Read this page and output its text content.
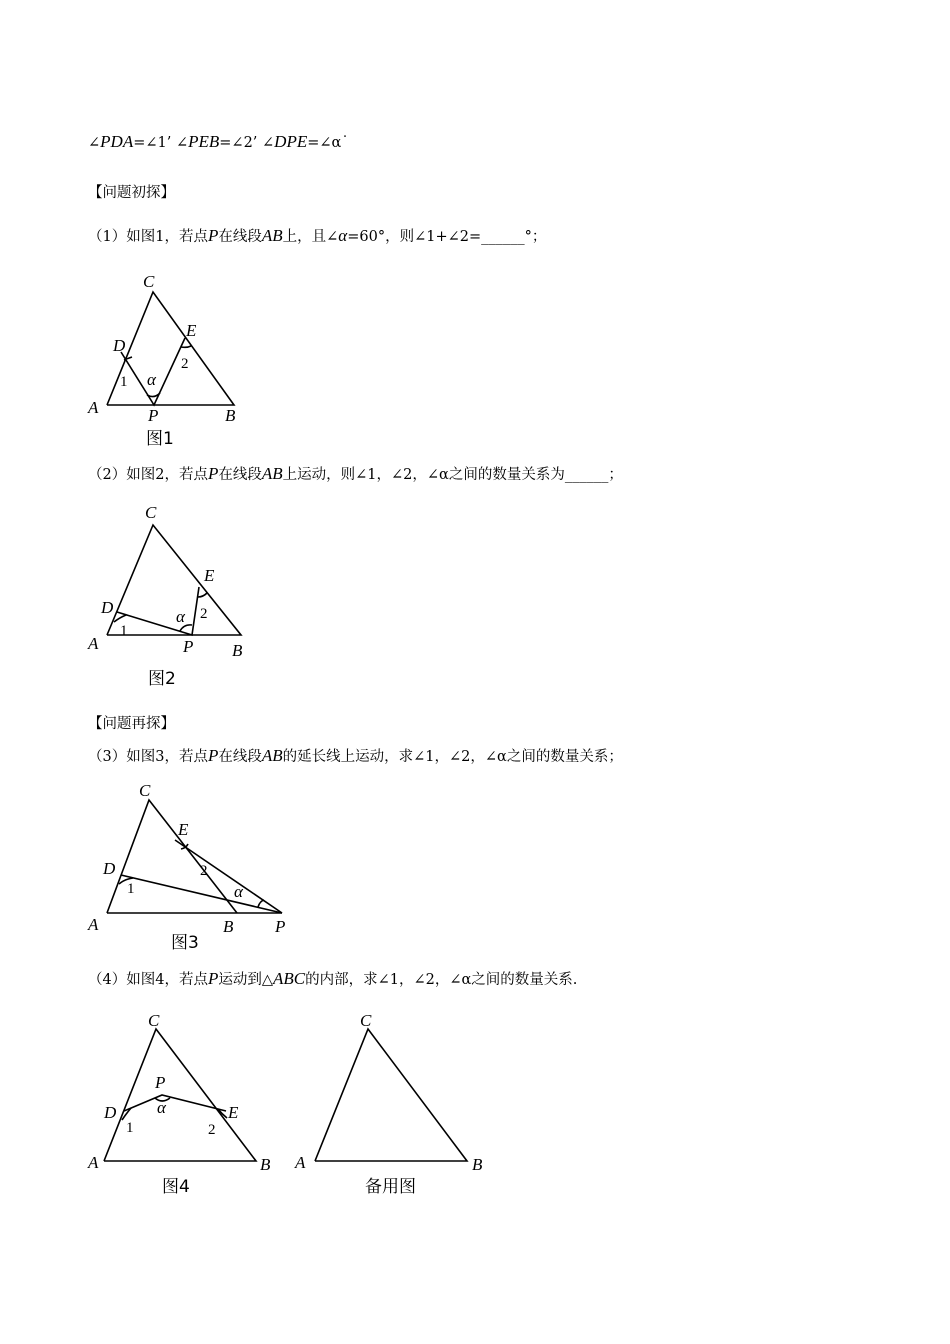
∠PDA=∠1’ ∠PEB=∠2’ ∠DPE=∠α˙
【问题初探】
（1）如图1，若点P在线段AB上，且∠α=60°，则∠1+∠2=______°；
（2）如图2，若点P在线段AB上运动，则∠1，∠2，∠α之间的数量关系为______；
【问题再探】
（3）如图3，若点P在线段AB的延长线上运动，求∠1，∠2，∠α之间的数量关系；
（4）如图4，若点P运动到△ABC的内部，求∠1，∠2，∠α之间的数量关系.
C
E
D
1 α
2
A	P	B
图1
C
E
D
1
α 2
A	P B
图2
C
E
D
1
2
α
A	B P
图3
C
P
α
D	E
1	2
A	B
图4
C
A	B
备用图
